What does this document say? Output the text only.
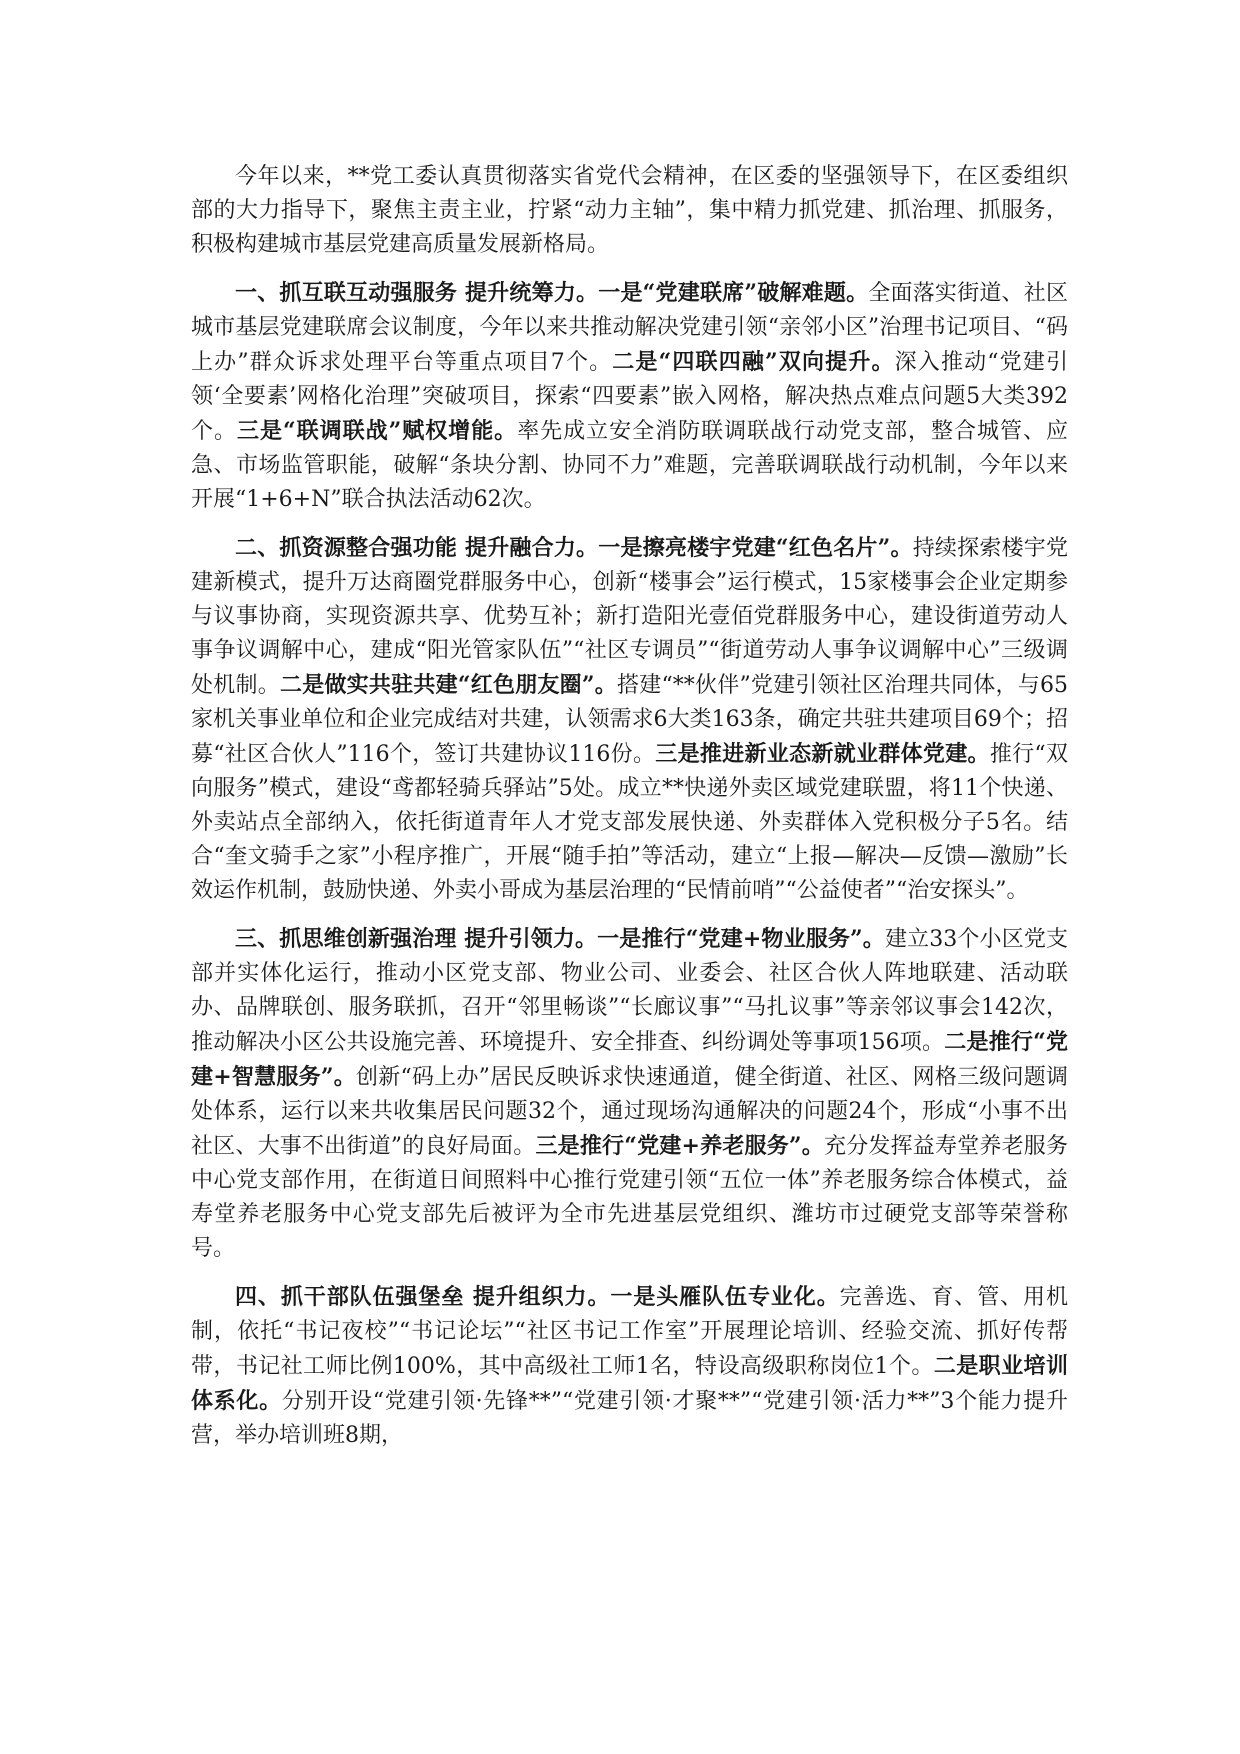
今年以来，**党工委认真贯彻落实省党代会精神，在区委的坚强领导下，在区委组织部的大力指导下，聚焦主责主业，拧紧“动力主轴”，集中精力抓党建、抓治理、抓服务，积极构建城市基层党建高质量发展新格局。

一、抓互联互动强服务 提升统筹力。一是“党建联席”破解难题。全面落实街道、社区城市基层党建联席会议制度，今年以来共推动解决党建引领“亲邻小区”治理书记项目、“码上办”群众诉求处理平台等重点项目7个。二是“四联四融”双向提升。深入推动“党建引领‘全要素’网格化治理”突破项目，探索“四要素”嵌入网格，解决热点难点问题5大类392个。三是“联调联战”赋权增能。率先成立安全消防联调联战行动党支部，整合城管、应急、市场监管职能，破解“条块分割、协同不力”难题，完善联调联战行动机制，今年以来开展“1+6+N”联合执法活动62次。

二、抓资源整合强功能 提升融合力。一是擦亮楼宇党建“红色名片”。持续探索楼宇党建新模式，提升万达商圈党群服务中心，创新“楼事会”运行模式，15家楼事会企业定期参与议事协商，实现资源共享、优势互补；新打造阳光壹佰党群服务中心，建设街道劳动人事争议调解中心，建成“阳光管家队伍”“社区专调员”“街道劳动人事争议调解中心”三级调处机制。二是做实共驻共建“红色朋友圈”。搭建“**伙伴”党建引领社区治理共同体，与65家机关事业单位和企业完成结对共建，认领需求6大类163条，确定共驻共建项目69个；招募“社区合伙人”116个，签订共建协议116份。三是推进新业态新就业群体党建。推行“双向服务”模式，建设“鸢都轻骑兵驿站”5处。成立**快递外卖区域党建联盟，将11个快递、外卖站点全部纳入，依托街道青年人才党支部发展快递、外卖群体入党积极分子5名。结合“奎文骑手之家”小程序推广，开展“随手拍”等活动，建立“上报—解决—反馈—激励”长效运作机制，鼓励快递、外卖小哥成为基层治理的“民情前哨”“公益使者”“治安探头”。

三、抓思维创新强治理 提升引领力。一是推行“党建+物业服务”。建立33个小区党支部并实体化运行，推动小区党支部、物业公司、业委会、社区合伙人阵地联建、活动联办、品牌联创、服务联抓，召开“邻里畅谈”“长廊议事”“马扎议事”等亲邻议事会142次，推动解决小区公共设施完善、环境提升、安全排查、纠纷调处等事项156项。二是推行“党建+智慧服务”。创新“码上办”居民反映诉求快速通道，健全街道、社区、网格三级问题调处体系，运行以来共收集居民问题32个，通过现场沟通解决的问题24个，形成“小事不出社区、大事不出街道”的良好局面。三是推行“党建+养老服务”。充分发挥益寿堂养老服务中心党支部作用，在街道日间照料中心推行党建引领“五位一体”养老服务综合体模式，益寿堂养老服务中心党支部先后被评为全市先进基层党组织、潍坊市过硬党支部等荣誉称号。

四、抓干部队伍强堡垒 提升组织力。一是头雁队伍专业化。完善选、育、管、用机制，依托“书记夜校”“书记论坛”“社区书记工作室”开展理论培训、经验交流、抓好传帮带，书记社工师比例100%，其中高级社工师1名，特设高级职称岗位1个。二是职业培训体系化。分别开设“党建引领·先锋**”“党建引领·才聚**”“党建引领·活力**”3个能力提升营，举办培训班8期，
